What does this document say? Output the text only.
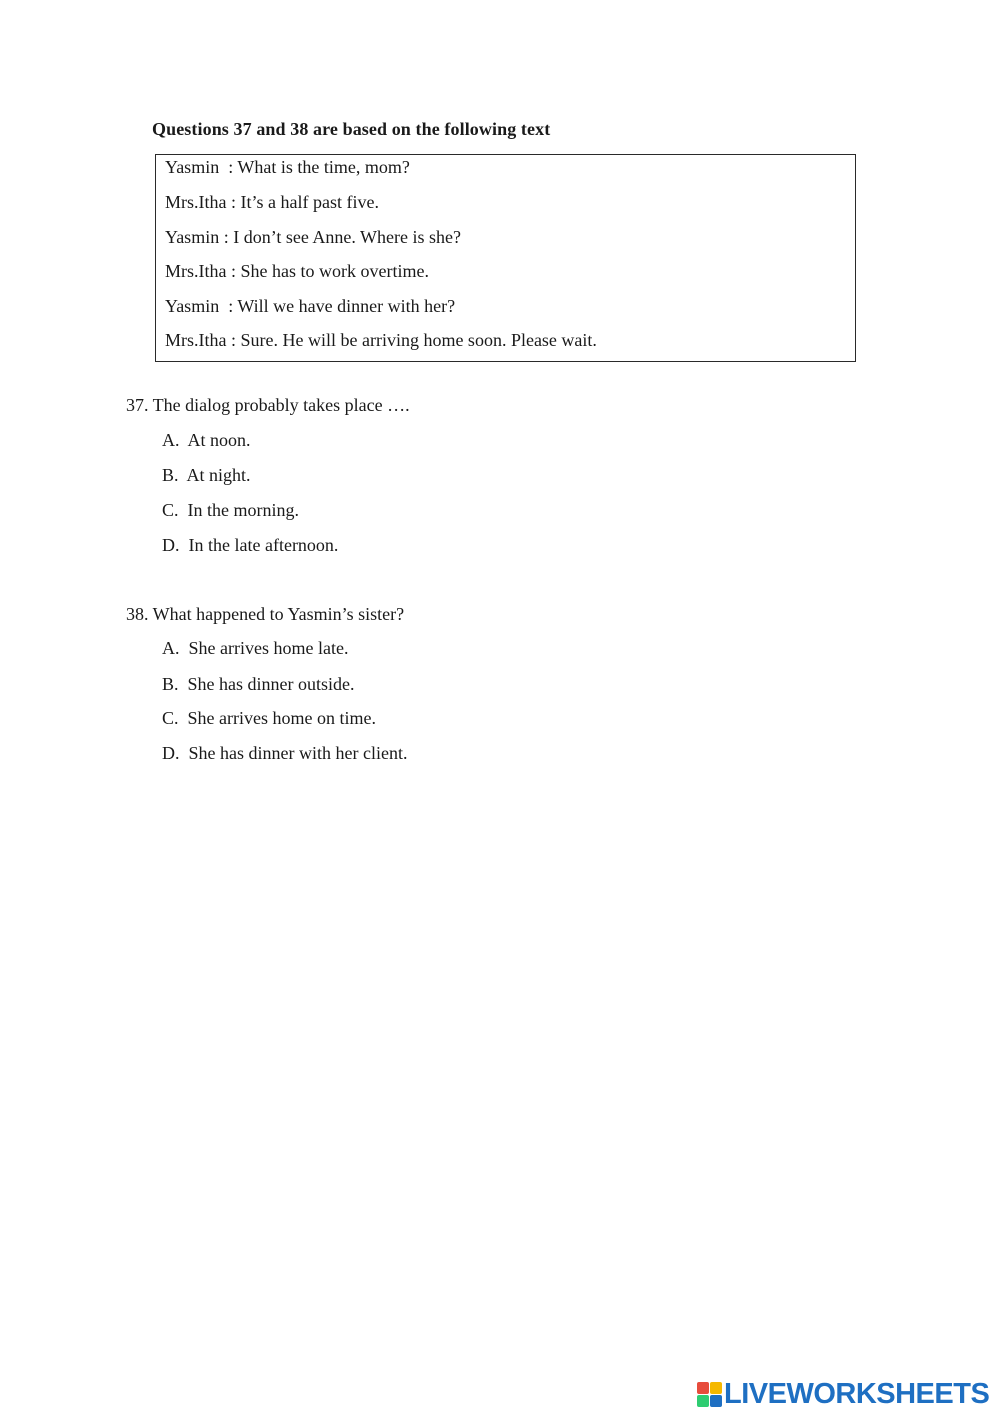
Questions 37 and 38 are based on the following text
Yasmin  : What is the time, mom?
Mrs.Itha : It’s a half past five.
Yasmin : I don’t see Anne. Where is she?
Mrs.Itha : She has to work overtime.
Yasmin  : Will we have dinner with her?
Mrs.Itha : Sure. He will be arriving home soon. Please wait.
37. The dialog probably takes place ….
A.  At noon.
B.  At night.
C.  In the morning.
D.  In the late afternoon.
38. What happened to Yasmin’s sister?
A.  She arrives home late.
B.  She has dinner outside.
C.  She arrives home on time.
D.  She has dinner with her client.
LIVEWORKSHEETS
